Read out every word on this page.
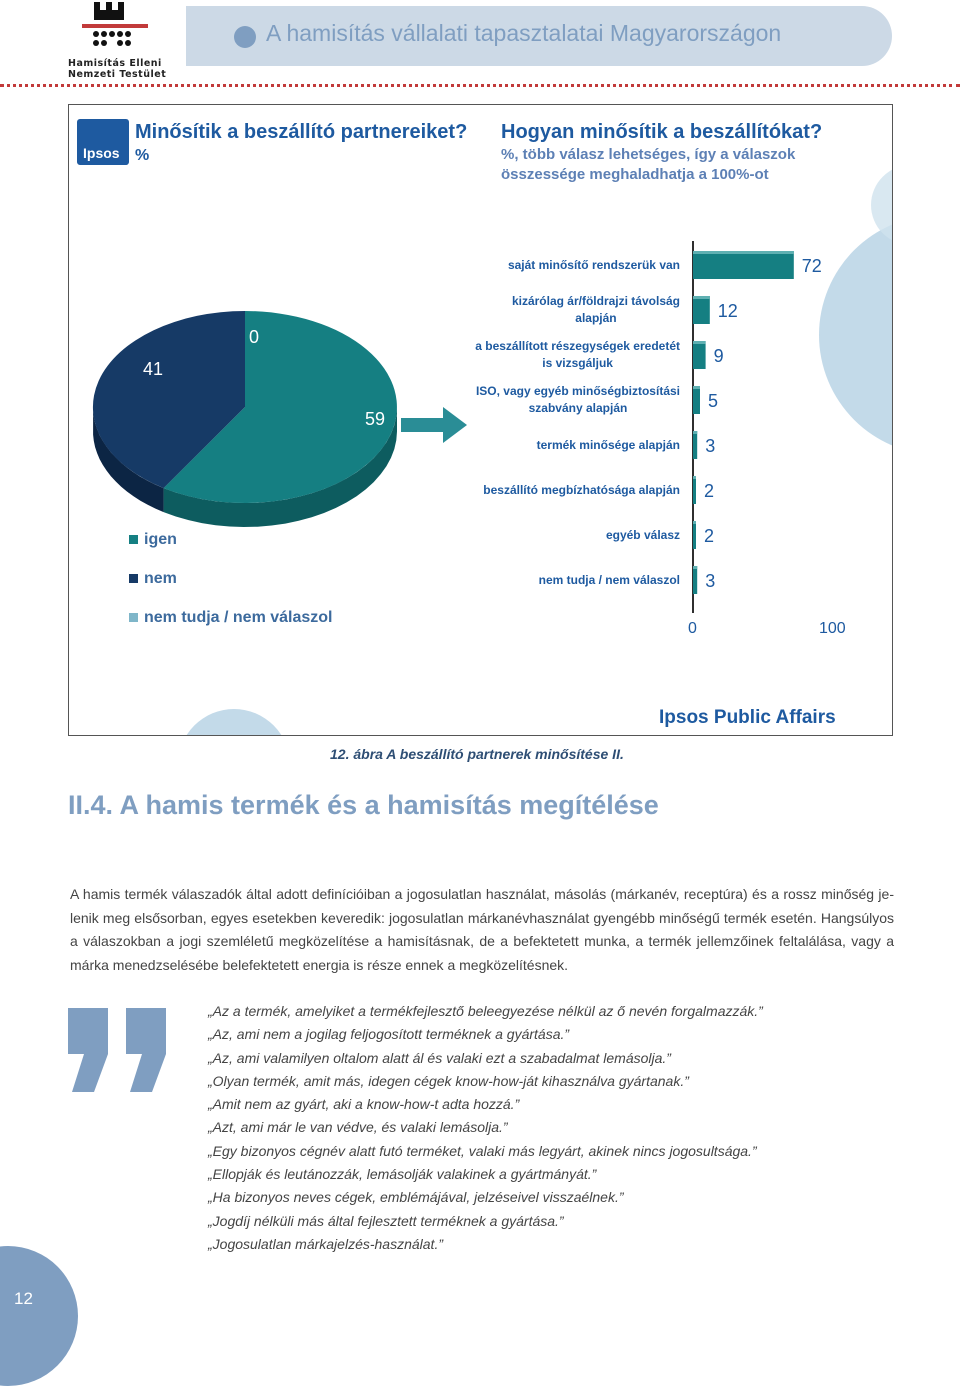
Hamisítás Elleni
Nemzeti Testület
A hamisítás vállalati tapasztalatai Magyarországon
59
41
0
72
12
9
5
3
2
2
3
0	100
Ipsos
Minősítik a beszállító partnereiket?
%
Hogyan minősítik a beszállítókat?
%, több válasz lehetséges, így a válaszok
összessége meghaladhatja a 100%-ot
saját minősítő rendszerük van
kizárólag ár/földrajzi távolság
alapján
a beszállított részegységek eredetét
is vizsgáljuk
ISO, vagy egyéb minőségbiztosítási
szabvány alapján
termék minősége alapján
beszállító megbízhatósága alapján
egyéb válasz
nem tudja / nem válaszol
igen
nem
nem tudja / nem válaszol
Ipsos Public Affairs
12. ábra A beszállító partnerek minősítése II.
II.4. A hamis termék és a hamisítás megítélése
A hamis termék válaszadók által adott definícióiban a jogosulatlan használat, másolás (márkanév, receptúra) és a rossz minőség jelenik meg elsősorban, egyes esetekben keveredik: jogosulatlan márkanévhasználat gyengébb minőségű termék esetén. Hangsúlyos a válaszokban a jogi szemléletű megközelítése a hamisításnak, de a befektetett munka, a termék jellemzőinek feltalálása, vagy a márka menedzselésébe belefektetett energia is része ennek a megközelítésnek.
„Az a termék, amelyiket a termékfejlesztő beleegyezése nélkül az ő nevén forgalmazzák.”
„Az, ami nem a jogilag feljogosított terméknek a gyártása.”
„Az, ami valamilyen oltalom alatt ál és valaki ezt a szabadalmat lemásolja.”
„Olyan termék, amit más, idegen cégek know-how-ját kihasználva gyártanak.”
„Amit nem az gyárt, aki a know-how-t adta hozzá.”
„Azt, ami már le van védve, és valaki lemásolja.”
„Egy bizonyos cégnév alatt futó terméket, valaki más legyárt, akinek nincs jogosultsága.”
„Ellopják és leutánozzák, lemásolják valakinek a gyártmányát.”
„Ha bizonyos neves cégek, emblémájával, jelzéseivel visszaélnek.”
„Jogdíj nélküli más által fejlesztett terméknek a gyártása.”
„Jogosulatlan márkajelzés-használat.”
12
